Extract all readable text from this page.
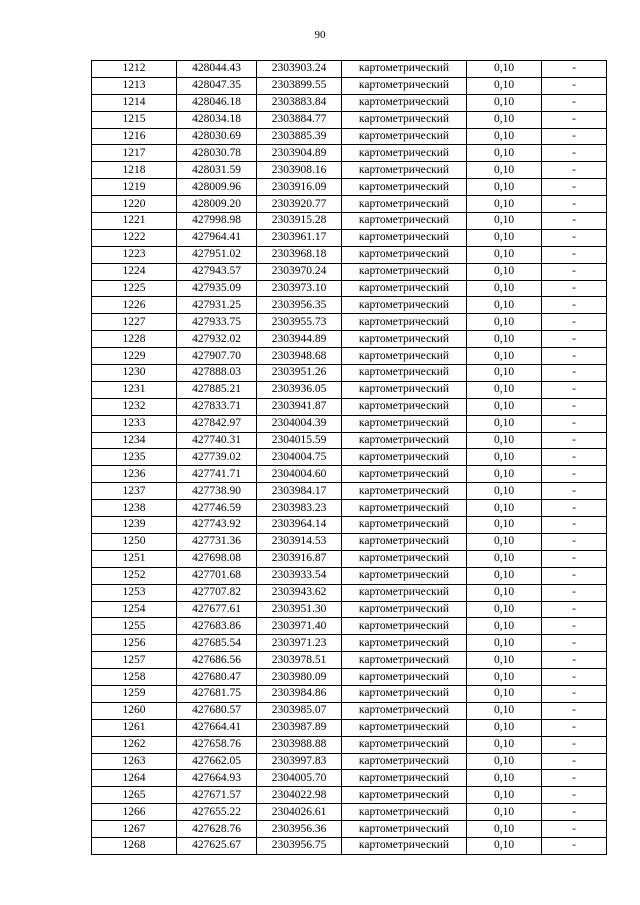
90
1212	428044.43	2303903.24	картометрический	0,10	-
1213	428047.35	2303899.55	картометрический	0,10	-
1214	428046.18	2303883.84	картометрический	0,10	-
1215	428034.18	2303884.77	картометрический	0,10	-
1216	428030.69	2303885.39	картометрический	0,10	-
1217	428030.78	2303904.89	картометрический	0,10	-
1218	428031.59	2303908.16	картометрический	0,10	-
1219	428009.96	2303916.09	картометрический	0,10	-
1220	428009.20	2303920.77	картометрический	0,10	-
1221	427998.98	2303915.28	картометрический	0,10	-
1222	427964.41	2303961.17	картометрический	0,10	-
1223	427951.02	2303968.18	картометрический	0,10	-
1224	427943.57	2303970.24	картометрический	0,10	-
1225	427935.09	2303973.10	картометрический	0,10	-
1226	427931.25	2303956.35	картометрический	0,10	-
1227	427933.75	2303955.73	картометрический	0,10	-
1228	427932.02	2303944.89	картометрический	0,10	-
1229	427907.70	2303948.68	картометрический	0,10	-
1230	427888.03	2303951.26	картометрический	0,10	-
1231	427885.21	2303936.05	картометрический	0,10	-
1232	427833.71	2303941.87	картометрический	0,10	-
1233	427842.97	2304004.39	картометрический	0,10	-
1234	427740.31	2304015.59	картометрический	0,10	-
1235	427739.02	2304004.75	картометрический	0,10	-
1236	427741.71	2304004.60	картометрический	0,10	-
1237	427738.90	2303984.17	картометрический	0,10	-
1238	427746.59	2303983.23	картометрический	0,10	-
1239	427743.92	2303964.14	картометрический	0,10	-
1250	427731.36	2303914.53	картометрический	0,10	-
1251	427698.08	2303916.87	картометрический	0,10	-
1252	427701.68	2303933.54	картометрический	0,10	-
1253	427707.82	2303943.62	картометрический	0,10	-
1254	427677.61	2303951.30	картометрический	0,10	-
1255	427683.86	2303971.40	картометрический	0,10	-
1256	427685.54	2303971.23	картометрический	0,10	-
1257	427686.56	2303978.51	картометрический	0,10	-
1258	427680.47	2303980.09	картометрический	0,10	-
1259	427681.75	2303984.86	картометрический	0,10	-
1260	427680.57	2303985.07	картометрический	0,10	-
1261	427664.41	2303987.89	картометрический	0,10	-
1262	427658.76	2303988.88	картометрический	0,10	-
1263	427662.05	2303997.83	картометрический	0,10	-
1264	427664.93	2304005.70	картометрический	0,10	-
1265	427671.57	2304022.98	картометрический	0,10	-
1266	427655.22	2304026.61	картометрический	0,10	-
1267	427628.76	2303956.36	картометрический	0,10	-
1268	427625.67	2303956.75	картометрический	0,10	-
